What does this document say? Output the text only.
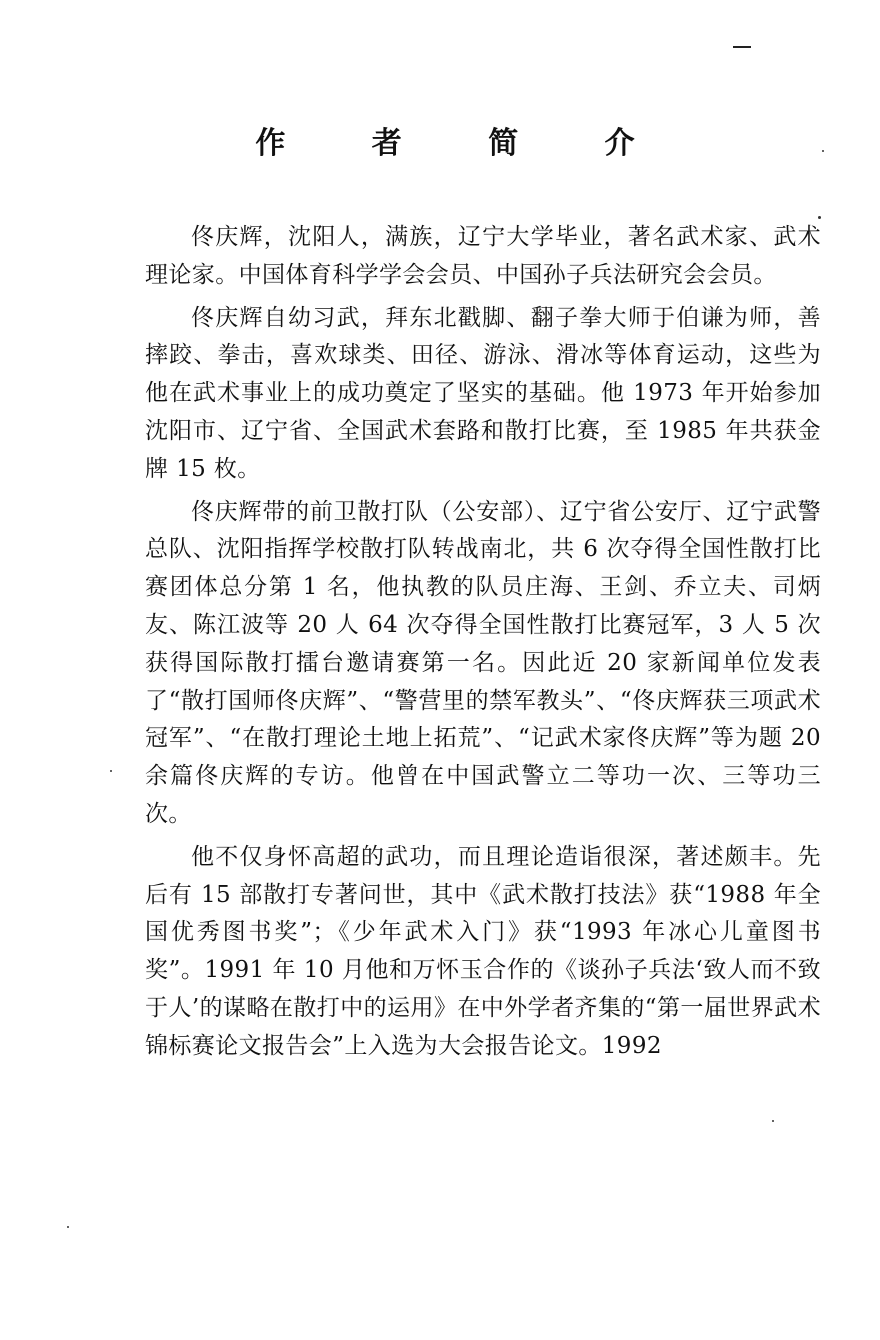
作 者 简 介

佟庆辉，沈阳人，满族，辽宁大学毕业，著名武术家、武术理论家。中国体育科学学会会员、中国孙子兵法研究会会员。

佟庆辉自幼习武，拜东北戳脚、翻子拳大师于伯谦为师，善摔跤、拳击，喜欢球类、田径、游泳、滑冰等体育运动，这些为他在武术事业上的成功奠定了坚实的基础。他 1973 年开始参加沈阳市、辽宁省、全国武术套路和散打比赛，至 1985 年共获金牌 15 枚。

佟庆辉带的前卫散打队（公安部）、辽宁省公安厅、辽宁武警总队、沈阳指挥学校散打队转战南北，共 6 次夺得全国性散打比赛团体总分第 1 名，他执教的队员庄海、王剑、乔立夫、司炳友、陈江波等 20 人 64 次夺得全国性散打比赛冠军，3 人 5 次获得国际散打擂台邀请赛第一名。因此近 20 家新闻单位发表了“散打国师佟庆辉”、“警营里的禁军教头”、“佟庆辉获三项武术冠军”、“在散打理论土地上拓荒”、“记武术家佟庆辉”等为题 20 余篇佟庆辉的专访。他曾在中国武警立二等功一次、三等功三次。

他不仅身怀高超的武功，而且理论造诣很深，著述颇丰。先后有 15 部散打专著问世，其中《武术散打技法》获“1988 年全国优秀图书奖”；《少年武术入门》获“1993 年冰心儿童图书奖”。1991 年 10 月他和万怀玉合作的《谈孙子兵法‘致人而不致于人’的谋略在散打中的运用》在中外学者齐集的“第一届世界武术锦标赛论文报告会”上入选为大会报告论文。1992
